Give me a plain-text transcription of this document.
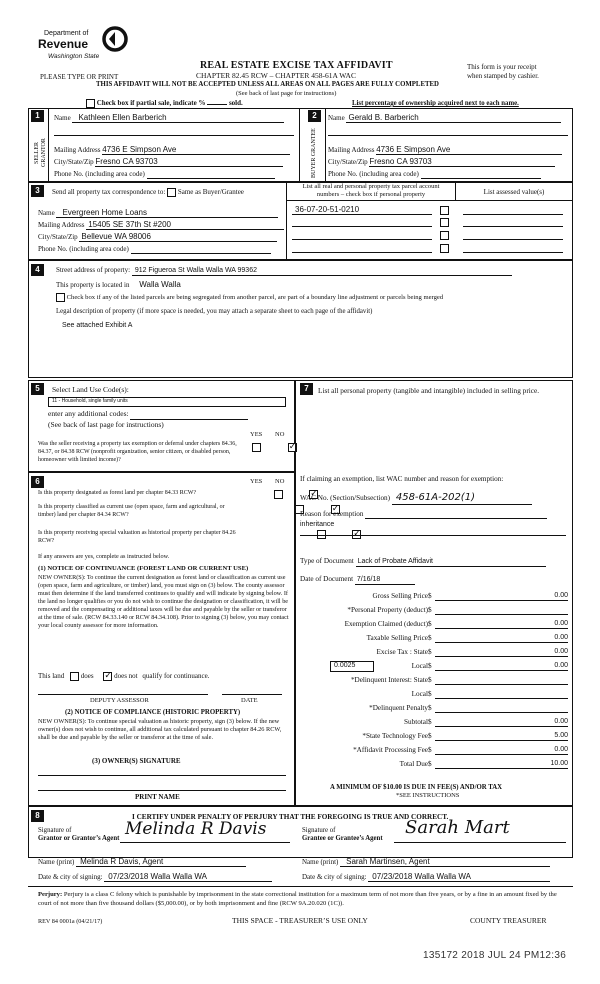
Department of
Revenue
Washington State
REAL ESTATE EXCISE TAX AFFIDAVIT
CHAPTER 82.45 RCW – CHAPTER 458-61A WAC
This form is your receipt
when stamped by cashier.
PLEASE TYPE OR PRINT
THIS AFFIDAVIT WILL NOT BE ACCEPTED UNLESS ALL AREAS ON ALL PAGES ARE FULLY COMPLETED
(See back of last page for instructions)
Check box if partial sale, indicate %	sold.	List percentage of ownership acquired next to each name.
1
SELLER GRANTOR
Name Kathleen Ellen Barberich
Mailing Address 4736 E Simpson Ave
City/State/Zip Fresno CA 93703
Phone No. (including area code)
2
BUYER GRANTEE
Name Gerald B. Barberich
Mailing Address 4736 E Simpson Ave
City/State/Zip Fresno CA 93703
Phone No. (including area code)
3	Send all property tax correspondence to: Same as Buyer/Grantee
Name Evergreen Home Loans
Mailing Address 15405 SE 37th St #200
City/State/Zip Bellevue WA 98006
Phone No. (including area code)
List all real and personal property tax parcel account
numbers – check box if personal property	List assessed value(s)
36-07-20-51-0210

4	Street address of property: 912 Figueroa St Walla Walla WA 99362
This property is located in Walla Walla
Check box if any of the listed parcels are being segregated from another parcel, are part of a boundary line adjustment or parcels being merged
Legal description of property (if more space is needed, you may attach a separate sheet to each page of the affidavit)
See attached Exhibit A
5	Select Land Use Code(s):
11 - Household, single family units
enter any additional codes:
(See back of last page for instructions)
YES NO
Was the seller receiving a property tax exemption or deferral under chapters 84.36, 84.37, or 84.38 RCW (nonprofit organization, senior citizen, or disabled person, homeowner with limited income)?
✓
6	YES NO
Is this property designated as forest land per chapter 84.33 RCW?
✓
Is this property classified as current use (open space, farm and agricultural, or timber) land per chapter 84.34 RCW?
✓
Is this property receiving special valuation as historical property per chapter 84.26 RCW?
✓
If any answers are yes, complete as instructed below.
(1) NOTICE OF CONTINUANCE (FOREST LAND OR CURRENT USE)
NEW OWNER(S): To continue the current designation as forest land or classification as current use (open space, farm and agriculture, or timber) land, you must sign on (3) below. The county assessor must then determine if the land transferred continues to qualify and will indicate by signing below. If the land no longer qualifies or you do not wish to continue the designation or classification, it will be removed and the compensating or additional taxes will be due and payable by the seller or transferor at the time of sale. (RCW 84.33.140 or RCW 84.34.108). Prior to signing (3) below, you may contact your local county assessor for more information.
This land does ✓	does not qualify for continuance.
DEPUTY ASSESSOR	DATE
(2) NOTICE OF COMPLIANCE (HISTORIC PROPERTY)
NEW OWNER(S): To continue special valuation as historic property, sign (3) below. If the new owner(s) does not wish to continue, all additional tax calculated pursuant to chapter 84.26 RCW, shall be due and payable by the seller or transferor at the time of sale.
(3) OWNER(S) SIGNATURE
PRINT NAME
7	List all personal property (tangible and intangible) included in selling price.
If claiming an exemption, list WAC number and reason for exemption:
WAC No. (Section/Subsection) 458-61A-202(1)
Reason for exemption
inheritance
Type of Document Lack of Probate Affidavit
Date of Document 7/16/18
Gross Selling Price $	0.00
*Personal Property (deduct) $
Exemption Claimed (deduct) $	0.00
Taxable Selling Price $	0.00
Excise Tax : State $	0.00
0.0025	Local $	0.00
*Delinquent Interest: State $
Local $
*Delinquent Penalty $
Subtotal $	0.00
*State Technology Fee $	5.00
*Affidavit Processing Fee $	0.00
Total Due $	10.00
A MINIMUM OF $10.00 IS DUE IN FEE(S) AND/OR TAX
*SEE INSTRUCTIONS
8	I CERTIFY UNDER PENALTY OF PERJURY THAT THE FOREGOING IS TRUE AND CORRECT.
Signature of
Grantor or Grantor’s Agent Melinda R Davis
Name (print) Melinda R Davis, Agent
Date & city of signing: 07/23/2018 Walla Walla WA
Signature of
Grantee or Grantee’s Agent
Sarah Mart
Name (print) Sarah Martinsen, Agent
Date & city of signing: 07/23/2018 Walla Walla WA
Perjury: Perjury is a class C felony which is punishable by imprisonment in the state correctional institution for a maximum term of not more than five years, or by a fine in an amount fixed by the court of not more than five thousand dollars ($5,000.00), or by both imprisonment and fine (RCW 9A.20.020 (1C)).
REV 84 0001a (04/21/17)	THIS SPACE - TREASURER’S USE ONLY	COUNTY TREASURER
135172 2018 JUL 24 PM12:36
